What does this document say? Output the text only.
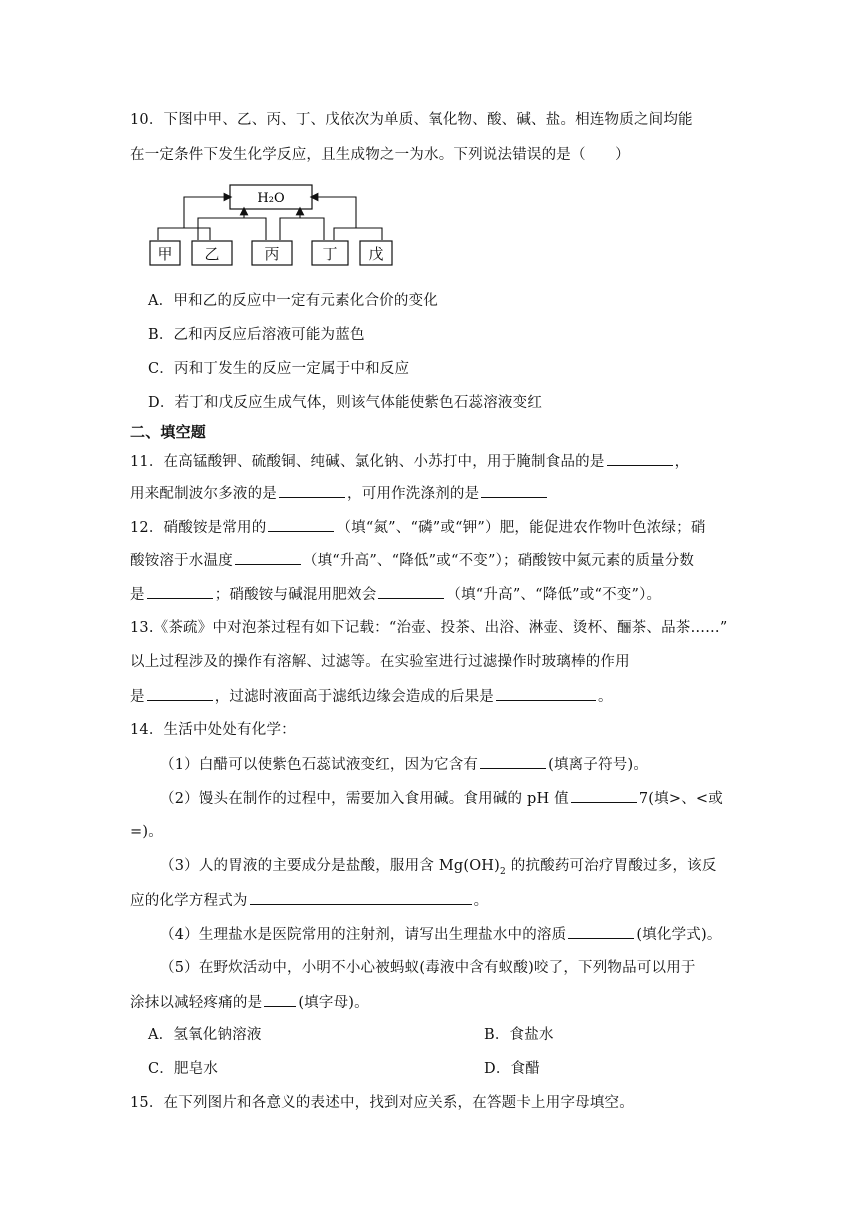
10．下图中甲、乙、丙、丁、戊依次为单质、氧化物、酸、碱、盐。相连物质之间均能
在一定条件下发生化学反应，且生成物之一为水。下列说法错误的是（　　）
H₂O
甲 乙	丙	丁 戊
A．甲和乙的反应中一定有元素化合价的变化
B．乙和丙反应后溶液可能为蓝色
C．丙和丁发生的反应一定属于中和反应
D．若丁和戊反应生成气体，则该气体能使紫色石蕊溶液变红
二、填空题
11．在高锰酸钾、硫酸铜、纯碱、氯化钠、小苏打中，用于腌制食品的是	，
用来配制波尔多液的是	，可用作洗涤剂的是
12．硝酸铵是常用的	（填“氮”、“磷”或“钾”）肥，能促进农作物叶色浓绿；硝
酸铵溶于水温度	（填“升高”、“降低”或“不变”）；硝酸铵中氮元素的质量分数
是	；硝酸铵与碱混用肥效会	（填“升高”、“降低”或“不变”）。
13.《茶疏》中对泡茶过程有如下记载：“治壶、投茶、出浴、淋壶、烫杯、酾茶、品茶……”
以上过程涉及的操作有溶解、过滤等。在实验室进行过滤操作时玻璃棒的作用
是	，过滤时液面高于滤纸边缘会造成的后果是	。
14．生活中处处有化学：
（1）白醋可以使紫色石蕊试液变红，因为它含有	(填离子符号)。
（2）馒头在制作的过程中，需要加入食用碱。食用碱的 pH 值	7(填>、<或
=)。
（3）人的胃液的主要成分是盐酸，服用含 $Mg(OH)_2$ 的抗酸药可治疗胃酸过多，该反
应的化学方程式为	。
（4）生理盐水是医院常用的注射剂，请写出生理盐水中的溶质	(填化学式)。
（5）在野炊活动中，小明不小心被蚂蚁(毒液中含有蚁酸)咬了，下列物品可以用于
涂抹以减轻疼痛的是 (填字母)。
A．氢氧化钠溶液	B．食盐水
C．肥皂水	D．食醋
15．在下列图片和各意义的表述中，找到对应关系，在答题卡上用字母填空。
